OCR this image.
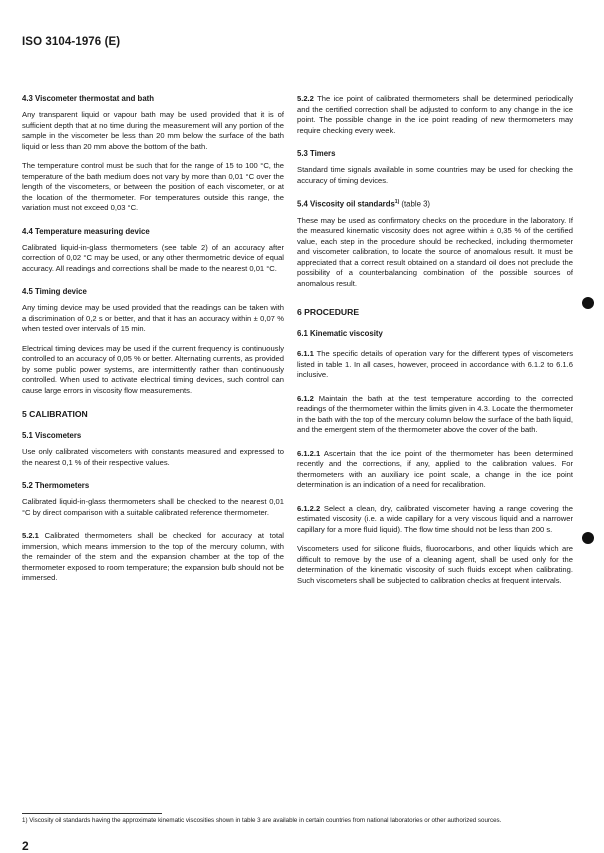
ISO 3104-1976 (E)
4.3 Viscometer thermostat and bath
Any transparent liquid or vapour bath may be used provided that it is of sufficient depth that at no time during the measurement will any portion of the sample in the viscometer be less than 20 mm below the surface of the bath liquid or less than 20 mm above the bottom of the bath.
The temperature control must be such that for the range of 15 to 100 °C, the temperature of the bath medium does not vary by more than 0,01 °C over the length of the viscometers, or between the position of each viscometer, or at the location of the thermometer. For temperatures outside this range, the variation must not exceed 0,03 °C.
4.4 Temperature measuring device
Calibrated liquid-in-glass thermometers (see table 2) of an accuracy after correction of 0,02 °C may be used, or any other thermometric device of equal accuracy. All readings and corrections shall be made to the nearest 0,01 °C.
4.5 Timing device
Any timing device may be used provided that the readings can be taken with a discrimination of 0,2 s or better, and that it has an accuracy within ± 0,07 % when tested over intervals of 15 min.
Electrical timing devices may be used if the current frequency is continuously controlled to an accuracy of 0,05 % or better. Alternating currents, as provided by some public power systems, are intermittently rather than continuously controlled. When used to activate electrical timing devices, such control can cause large errors in viscosity flow measurements.
5 CALIBRATION
5.1 Viscometers
Use only calibrated viscometers with constants measured and expressed to the nearest 0,1 % of their respective values.
5.2 Thermometers
Calibrated liquid-in-glass thermometers shall be checked to the nearest 0,01 °C by direct comparison with a suitable calibrated reference thermometer.
5.2.1 Calibrated thermometers shall be checked for accuracy at total immersion, which means immersion to the top of the mercury column, with the remainder of the stem and the expansion chamber at the top of the thermometer exposed to room temperature; the expansion bulb should not be immersed.
5.2.2 The ice point of calibrated thermometers shall be determined periodically and the certified correction shall be adjusted to conform to any change in the ice point. The possible change in the ice point reading of new thermometers may require checking every week.
5.3 Timers
Standard time signals available in some countries may be used for checking the accuracy of timing devices.
5.4 Viscosity oil standards$^{1)}$ (table 3)
These may be used as confirmatory checks on the procedure in the laboratory. If the measured kinematic viscosity does not agree within ± 0,35 % of the certified value, each step in the procedure should be rechecked, including thermometer and viscometer calibration, to locate the source of anomalous result. It must be appreciated that a correct result obtained on a standard oil does not preclude the possibility of a counterbalancing combination of the possible sources of anomalous result.
6 PROCEDURE
6.1 Kinematic viscosity
6.1.1 The specific details of operation vary for the different types of viscometers listed in table 1. In all cases, however, proceed in accordance with 6.1.2 to 6.1.6 inclusive.
6.1.2 Maintain the bath at the test temperature according to the corrected readings of the thermometer within the limits given in 4.3. Locate the thermometer in the bath with the top of the mercury column below the surface of the bath liquid, and the emergent stem of the thermometer above the cover of the bath.
6.1.2.1 Ascertain that the ice point of the thermometer has been determined recently and the corrections, if any, applied to the calibration values. For thermometers with an auxiliary ice point scale, a change in the ice point determination is an indication of a need for recalibration.
6.1.2.2 Select a clean, dry, calibrated viscometer having a range covering the estimated viscosity (i.e. a wide capillary for a very viscous liquid and a narrower capillary for a more fluid liquid). The flow time should not be less than 200 s.
Viscometers used for silicone fluids, fluorocarbons, and other liquids which are difficult to remove by the use of a cleaning agent, shall be used only for the determination of the kinematic viscosity of such fluids except when calibrating. Such viscometers shall be subjected to calibration checks at frequent intervals.
1) Viscosity oil standards having the approximate kinematic viscosities shown in table 3 are available in certain countries from national laboratories or other authorized sources.
2
